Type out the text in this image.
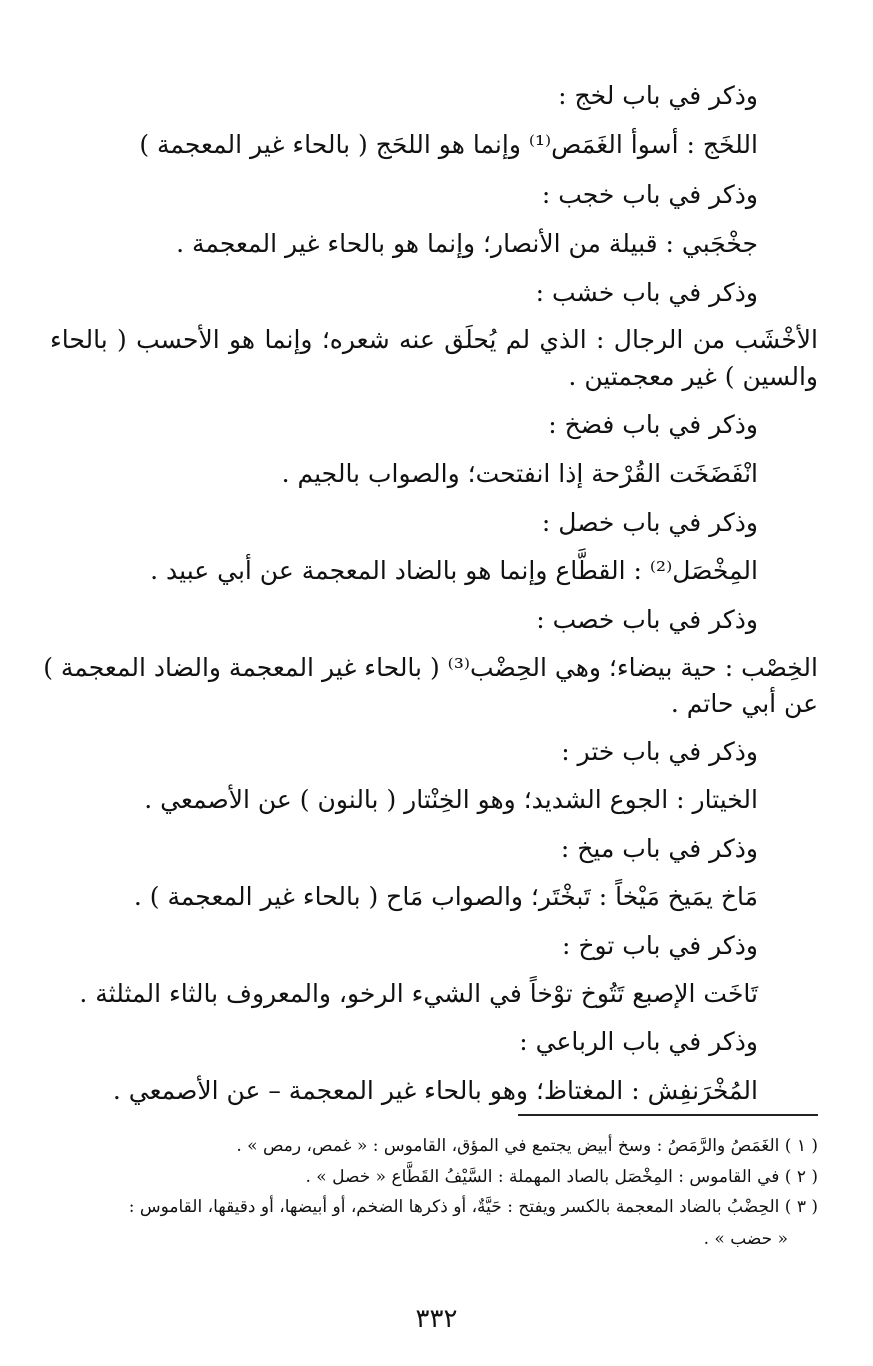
وذكر في باب لخج :
اللخَج : أسوأ الغَمَص⁽¹⁾ وإنما هو اللحَج ( بالحاء غير المعجمة )
وذكر في باب خجب :
جخْجَبي : قبيلة من الأنصار؛ وإنما هو بالحاء غير المعجمة .
وذكر في باب خشب :
الأخْشَب من الرجال : الذي لم يُحلَق عنه شعره؛ وإنما هو الأحسب ( بالحاء
والسين ) غير معجمتين .
وذكر في باب فضخ :
انْفَضَخَت القُرْحة إذا انفتحت؛ والصواب بالجيم .
وذكر في باب خصل :
المِخْصَل⁽²⁾ : القطَّاع وإنما هو بالضاد المعجمة عن أبي عبيد .
وذكر في باب خصب :
الخِصْب : حية بيضاء؛ وهي الحِضْب⁽³⁾ ( بالحاء غير المعجمة والضاد المعجمة )
عن أبي حاتم .
وذكر في باب ختر :
الخيتار : الجوع الشديد؛ وهو الخِنْتار ( بالنون ) عن الأصمعي .
وذكر في باب ميخ :
مَاخ يمَيخ مَيْخاً : تَبخْتَر؛ والصواب مَاح ( بالحاء غير المعجمة ) .
وذكر في باب توخ :
تَاخَت الإصبع تَتُوخ توْخاً في الشيء الرخو، والمعروف بالثاء المثلثة .
وذكر في باب الرباعي :
المُخْرَنفِش : المغتاظ؛ وهو بالحاء غير المعجمة – عن الأصمعي .
( ١ ) الغَمَصُ والرَّمَصُ : وسخ أبيض يجتمع في المؤق، القاموس : « غمص، رمص » .
( ٢ ) في القاموس : المِخْصَل بالصاد المهملة : السَّيْفُ القَطَّاع « خصل » .
( ٣ ) الحِضْبُ بالضاد المعجمة بالكسر ويفتح : حَيَّةٌ، أو ذكرها الضخم، أو أبيضها، أو دقيقها، القاموس :
« حضب » .
٣٣٢
